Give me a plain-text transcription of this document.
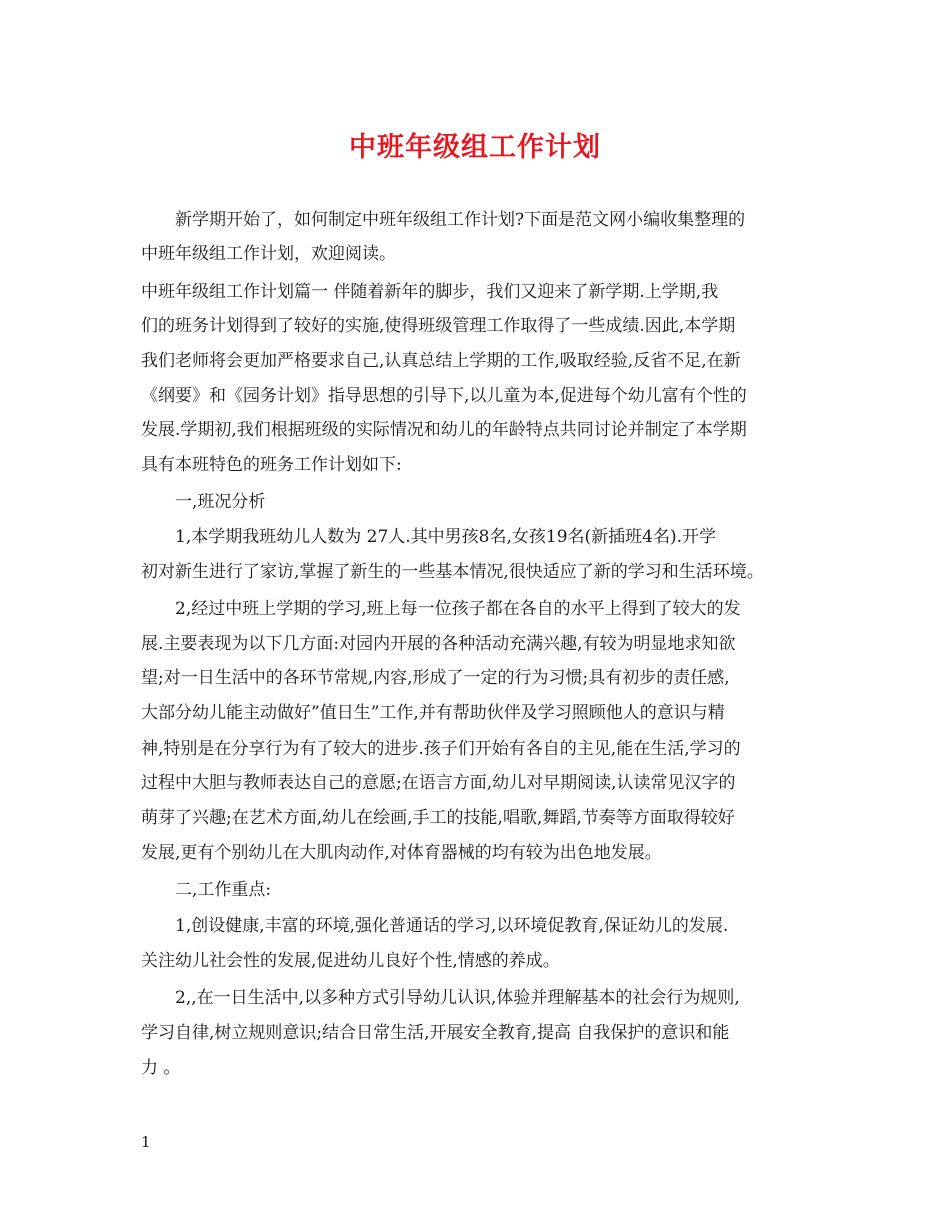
中班年级组工作计划
新学期开始了，如何制定中班年级组工作计划?下面是范文网小编收集整理的
中班年级组工作计划，欢迎阅读。
中班年级组工作计划篇一 伴随着新年的脚步，我们又迎来了新学期.上学期,我
们的班务计划得到了较好的实施,使得班级管理工作取得了一些成绩.因此,本学期
我们老师将会更加严格要求自己,认真总结上学期的工作,吸取经验,反省不足,在新
《纲要》和《园务计划》指导思想的引导下,以儿童为本,促进每个幼儿富有个性的
发展.学期初,我们根据班级的实际情况和幼儿的年龄特点共同讨论并制定了本学期
具有本班特色的班务工作计划如下:
一,班况分析
1,本学期我班幼儿人数为 27人.其中男孩8名,女孩19名(新插班4名).开学
初对新生进行了家访,掌握了新生的一些基本情况,很快适应了新的学习和生活环境。
2,经过中班上学期的学习,班上每一位孩子都在各自的水平上得到了较大的发
展.主要表现为以下几方面:对园内开展的各种活动充满兴趣,有较为明显地求知欲
望;对一日生活中的各环节常规,内容,形成了一定的行为习惯;具有初步的责任感,
大部分幼儿能主动做好”值日生”工作,并有帮助伙伴及学习照顾他人的意识与精
神,特别是在分享行为有了较大的进步.孩子们开始有各自的主见,能在生活,学习的
过程中大胆与教师表达自己的意愿;在语言方面,幼儿对早期阅读,认读常见汉字的
萌芽了兴趣;在艺术方面,幼儿在绘画,手工的技能,唱歌,舞蹈,节奏等方面取得较好
发展,更有个别幼儿在大肌肉动作,对体育器械的均有较为出色地发展。
二,工作重点:
1,创设健康,丰富的环境,强化普通话的学习,以环境促教育,保证幼儿的发展.
关注幼儿社会性的发展,促进幼儿良好个性,情感的养成。
2,,在一日生活中,以多种方式引导幼儿认识,体验并理解基本的社会行为规则,
学习自律,树立规则意识;结合日常生活,开展安全教育,提高 自我保护的意识和能
力 。
1
